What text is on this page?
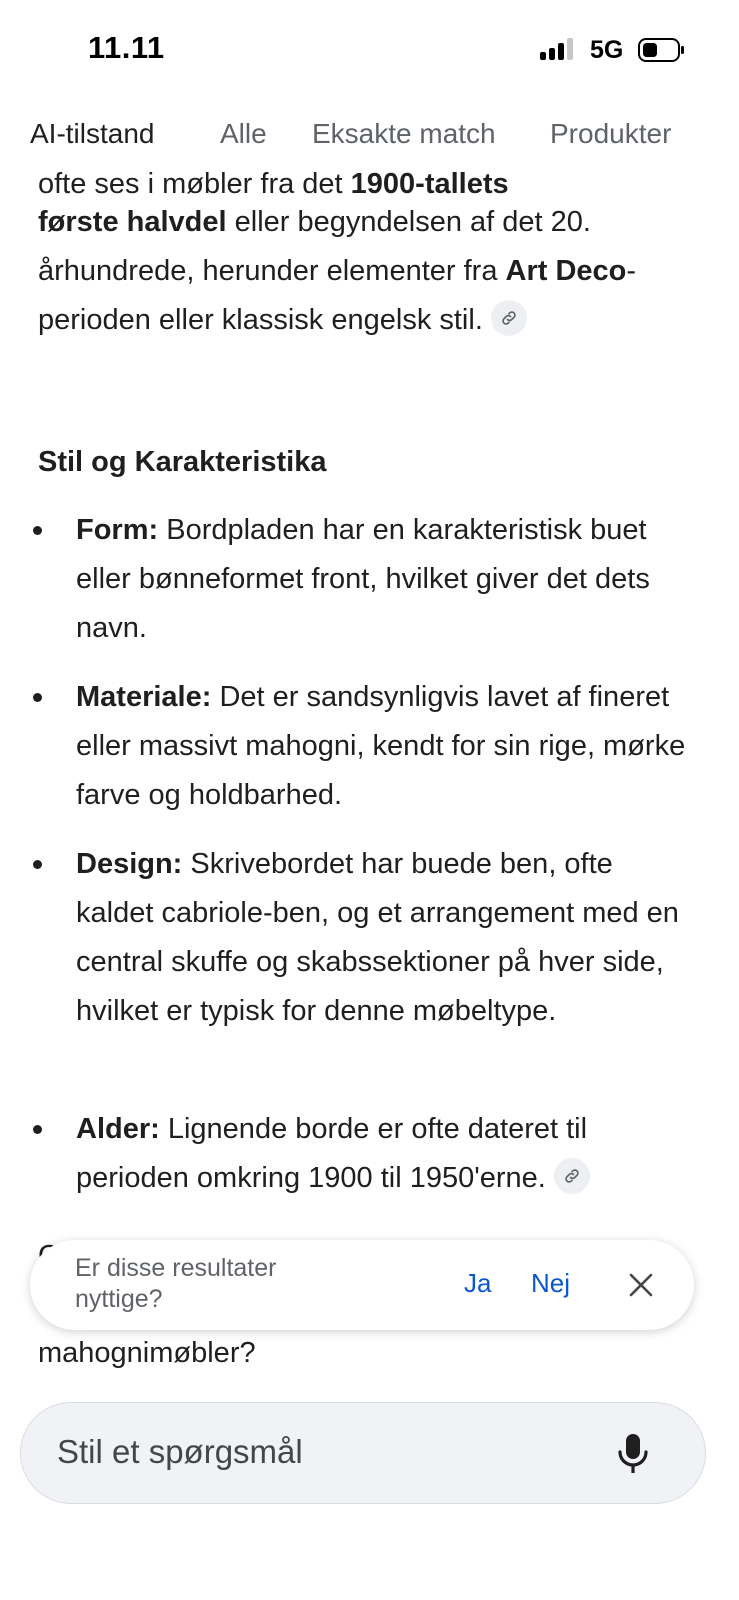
11.11	5G
ofte ses i møbler fra det 1900-tallets
første halvdel eller begyndelsen af det 20. århundrede, herunder elementer fra Art Deco-perioden eller klassisk engelsk stil.
Stil og Karakteristika
Form: Bordpladen har en karakteristisk buet eller bønneformet front, hvilket giver det dets navn.
Materiale: Det er sandsynligvis lavet af fineret eller massivt mahogni, kendt for sin rige, mørke farve og holdbarhed.
Design: Skrivebordet har buede ben, ofte kaldet cabriole-ben, og et arrangement med en central skuffe og skabssektioner på hver side, hvilket er typisk for denne møbeltype.
Alder: Lignende borde er ofte dateret til perioden omkring 1900 til 1950'erne.
mahognimøbler?
AI-tilstand Alle Eksakte match Produkter
Er disse resultater nyttige?
Ja Nej
Stil et spørgsmål
